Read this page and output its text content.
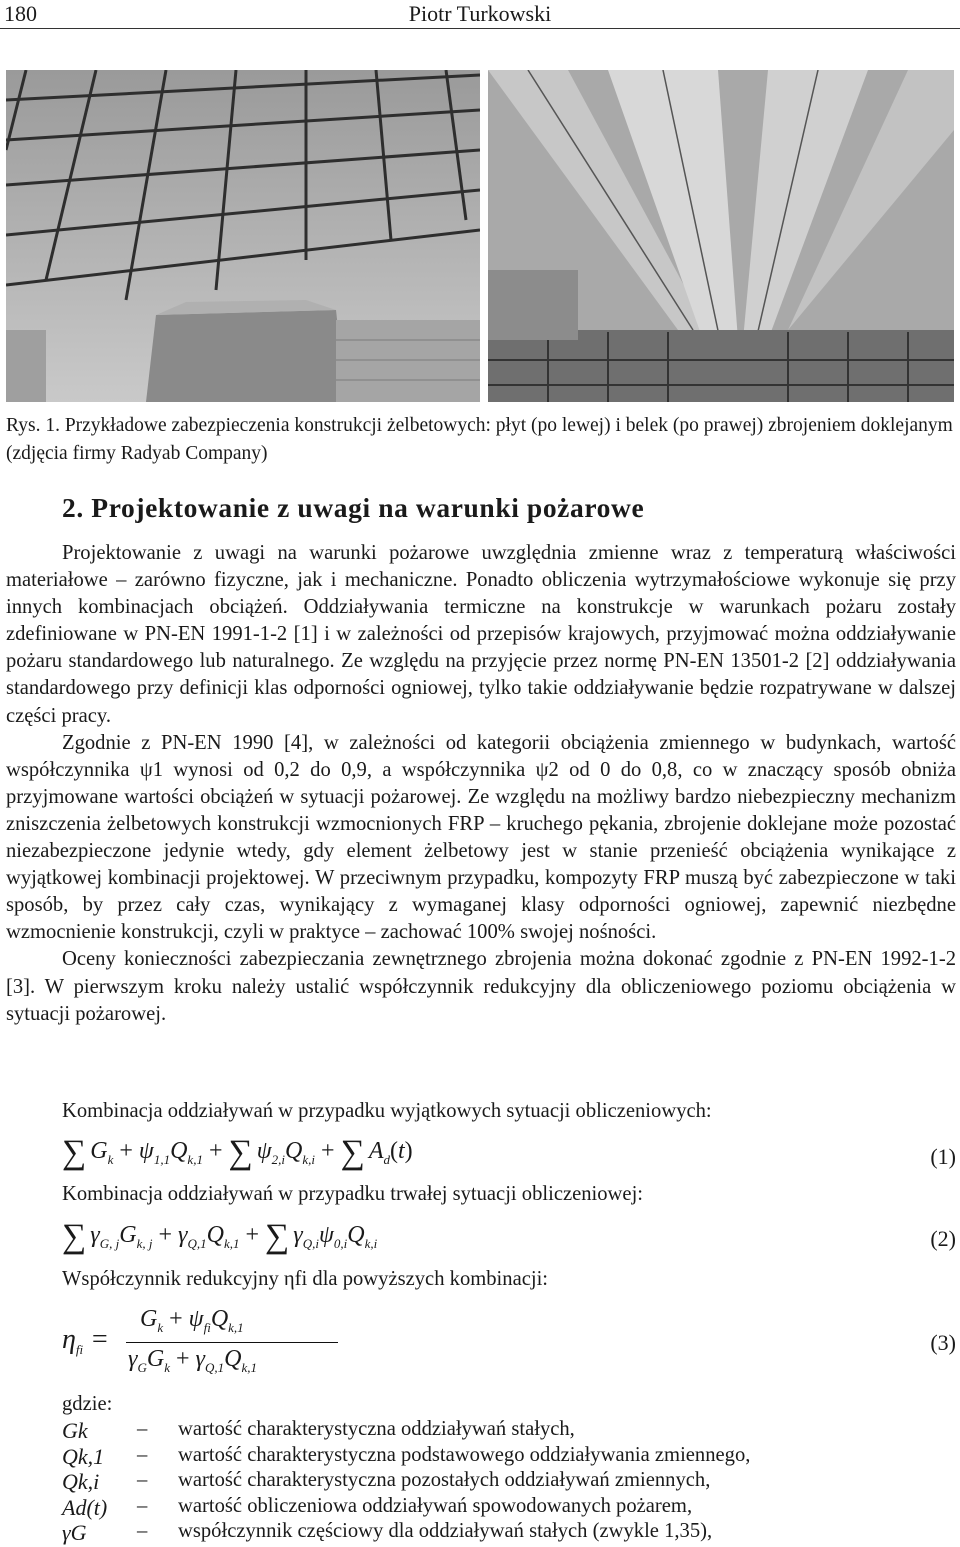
180	Piotr Turkowski
Rys. 1. Przykładowe zabezpieczenia konstrukcji żelbetowych: płyt (po lewej) i belek (po prawej) zbrojeniem doklejanym (zdjęcia firmy Radyab Company)
2. Projektowanie z uwagi na warunki pożarowe

Projektowanie z uwagi na warunki pożarowe uwzględnia zmienne wraz z temperaturą właściwości materiałowe – zarówno fizyczne, jak i mechaniczne. Ponadto obliczenia wytrzymałościowe wykonuje się przy innych kombinacjach obciążeń. Oddziaływania termiczne na konstrukcje w warunkach pożaru zostały zdefiniowane w PN-EN 1991-1-2 [1] i w zależności od przepisów krajowych, przyjmować można oddziaływanie pożaru standardowego lub naturalnego. Ze względu na przyjęcie przez normę PN-EN 13501-2 [2] oddziaływania standardowego przy definicji klas odporności ogniowej, tylko takie oddziaływanie będzie rozpatrywane w dalszej części pracy.

Zgodnie z PN-EN 1990 [4], w zależności od kategorii obciążenia zmiennego w budynkach, wartość współczynnika ψ1 wynosi od 0,2 do 0,9, a współczynnika ψ2 od 0 do 0,8, co w znaczący sposób obniża przyjmowane wartości obciążeń w sytuacji pożarowej. Ze względu na możliwy bardzo niebezpieczny mechanizm zniszczenia żelbetowych konstrukcji wzmocnionych FRP – kruchego pękania, zbrojenie doklejane może pozostać niezabezpieczone jedynie wtedy, gdy element żelbetowy jest w stanie przenieść obciążenia wynikające z wyjątkowej kombinacji projektowej. W przeciwnym przypadku, kompozyty FRP muszą być zabezpieczone w taki sposób, by przez cały czas, wynikający z wymaganej klasy odporności ogniowej, zapewnić niezbędne wzmocnienie konstrukcji, czyli w praktyce – zachować 100% swojej nośności.

Oceny konieczności zabezpieczania zewnętrznego zbrojenia można dokonać zgodnie z PN-EN 1992-1-2 [3]. W pierwszym kroku należy ustalić współczynnik redukcyjny dla obliczeniowego poziomu obciążenia w sytuacji pożarowej.

Kombinacja oddziaływań w przypadku wyjątkowych sytuacji obliczeniowych:
∑ $G_k + \psi_{1,1}Q_{k,1}$ + ∑ $\psi_{2,i}Q_{k,i}$ + ∑ $A_d(t)$	(1)
Kombinacja oddziaływań w przypadku trwałej sytuacji obliczeniowej:
∑ $\gamma_{G, j}G_{k, j} + \gamma_{Q,1}Q_{k,1}$ + ∑ $\gamma_{Q,i}\psi_{0,i}Q_{k,i}$	(2)
Współczynnik redukcyjny ηfi dla powyższych kombinacji:
$\eta_{fi}$ =
$G_k + \psi_{fi}Q_{k,1}$
$\gamma_GG_k + \gamma_{Q,1}Q_{k,1}$
(3)
gdzie:
Gk – wartość charakterystyczna oddziaływań stałych,
Qk,1 – wartość charakterystyczna podstawowego oddziaływania zmiennego,
Qk,i – wartość charakterystyczna pozostałych oddziaływań zmiennych,
Ad(t) – wartość obliczeniowa oddziaływań spowodowanych pożarem,
γG – współczynnik częściowy dla oddziaływań stałych (zwykle 1,35),
